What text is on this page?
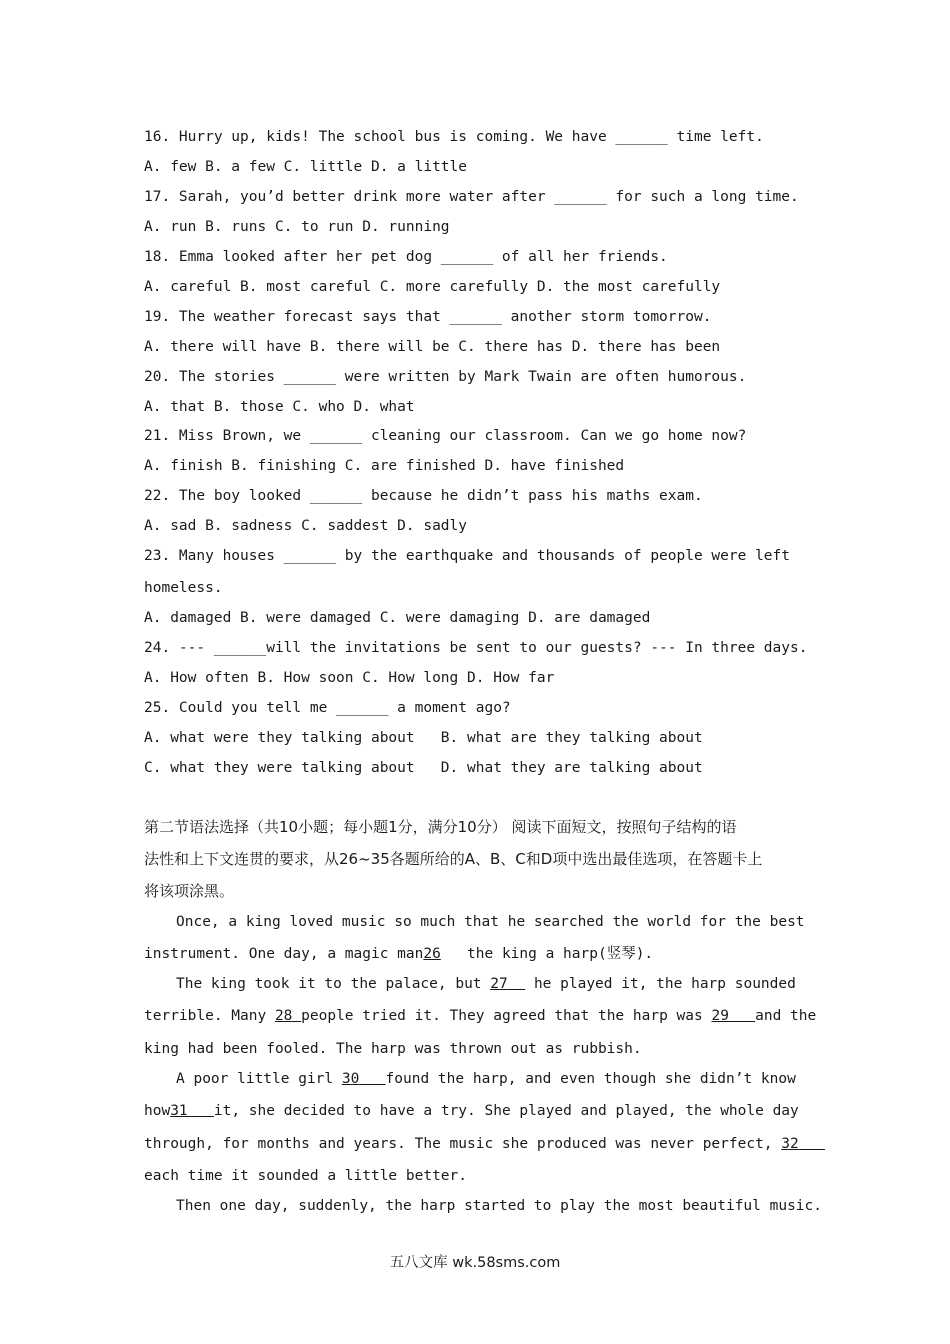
16. Hurry up, kids! The school bus is coming. We have ______ time left.
A. few B. a few C. little D. a little
17. Sarah, you’d better drink more water after ______ for such a long time.
A. run B. runs C. to run D. running
18. Emma looked after her pet dog ______ of all her friends.
A. careful B. most careful C. more carefully D. the most carefully
19. The weather forecast says that ______ another storm tomorrow.
A. there will have B. there will be C. there has D. there has been
20. The stories ______ were written by Mark Twain are often humorous.
A. that B. those C. who D. what
21. Miss Brown, we ______ cleaning our classroom. Can we go home now?
A. finish B. finishing C. are finished D. have finished
22. The boy looked ______ because he didn’t pass his maths exam.
A. sad B. sadness C. saddest D. sadly
23. Many houses ______ by the earthquake and thousands of people were left
homeless.
A. damaged B. were damaged C. were damaging D. are damaged
24. --- ______will the invitations be sent to our guests? --- In three days.
A. How often B. How soon C. How long D. How far
25. Could you tell me ______ a moment ago?
A. what were they talking about   B. what are they talking about
C. what they were talking about   D. what they are talking about
第二节语法选择（共10小题；每小题1分，满分10分） 阅读下面短文，按照句子结构的语
法性和上下文连贯的要求，从26~35各题所给的A、B、C和D项中选出最佳选项，在答题卡上
将该项涂黑。
Once, a king loved music so much that he searched the world for the best
instrument. One day, a magic man26 the king a harp(竖琴).
The king took it to the palace, but 27   he played it, the harp sounded
terrible. Many 28 people tried it. They agreed that the harp was 29 and the
king had been fooled. The harp was thrown out as rubbish.
A poor little girl 30 found the harp, and even though she didn’t know
how31 it, she decided to have a try. She played and played, the whole day
through, for months and years. The music she produced was never perfect, 32
each time it sounded a little better.
Then one day, suddenly, the harp started to play the most beautiful music.
五八文库 wk.58sms.com
